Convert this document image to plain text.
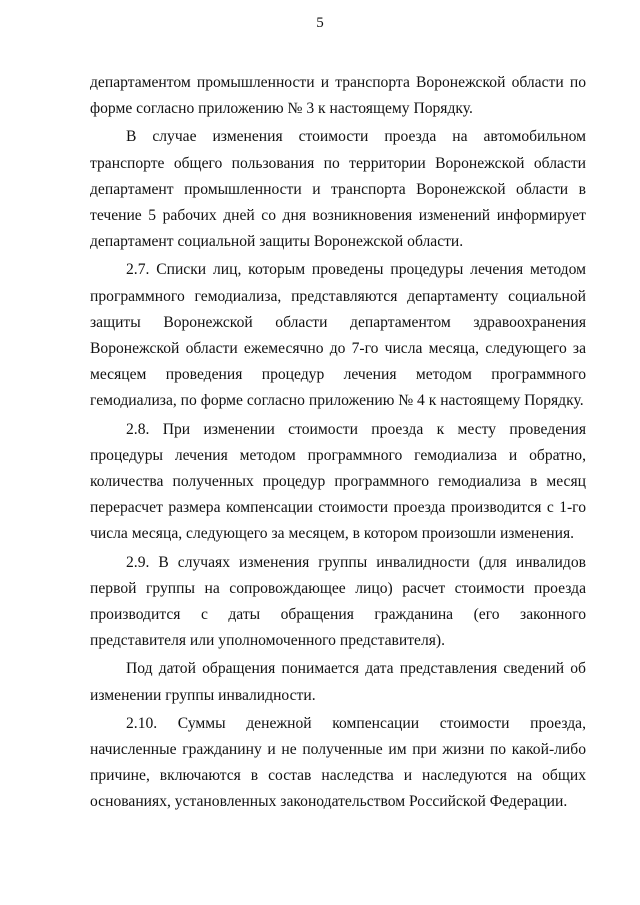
5

департаментом промышленности и транспорта Воронежской области по форме согласно приложению № 3 к настоящему Порядку.

В случае изменения стоимости проезда на автомобильном транспорте общего пользования по территории Воронежской области департамент промышленности и транспорта Воронежской области в течение 5 рабочих дней со дня возникновения изменений информирует департамент социальной защиты Воронежской области.

2.7. Списки лиц, которым проведены процедуры лечения методом программного гемодиализа, представляются департаменту социальной защиты Воронежской области департаментом здравоохранения Воронежской области ежемесячно до 7-го числа месяца, следующего за месяцем проведения процедур лечения методом программного гемодиализа, по форме согласно приложению № 4 к настоящему Порядку.

2.8. При изменении стоимости проезда к месту проведения процедуры лечения методом программного гемодиализа и обратно, количества полученных процедур программного гемодиализа в месяц перерасчет размера компенсации стоимости проезда производится с 1-го числа месяца, следующего за месяцем, в котором произошли изменения.

2.9. В случаях изменения группы инвалидности (для инвалидов первой группы на сопровождающее лицо) расчет стоимости проезда производится с даты обращения гражданина (его законного представителя или уполномоченного представителя).

Под датой обращения понимается дата представления сведений об изменении группы инвалидности.

2.10. Суммы денежной компенсации стоимости проезда, начисленные гражданину и не полученные им при жизни по какой-либо причине, включаются в состав наследства и наследуются на общих основаниях, установленных законодательством Российской Федерации.
